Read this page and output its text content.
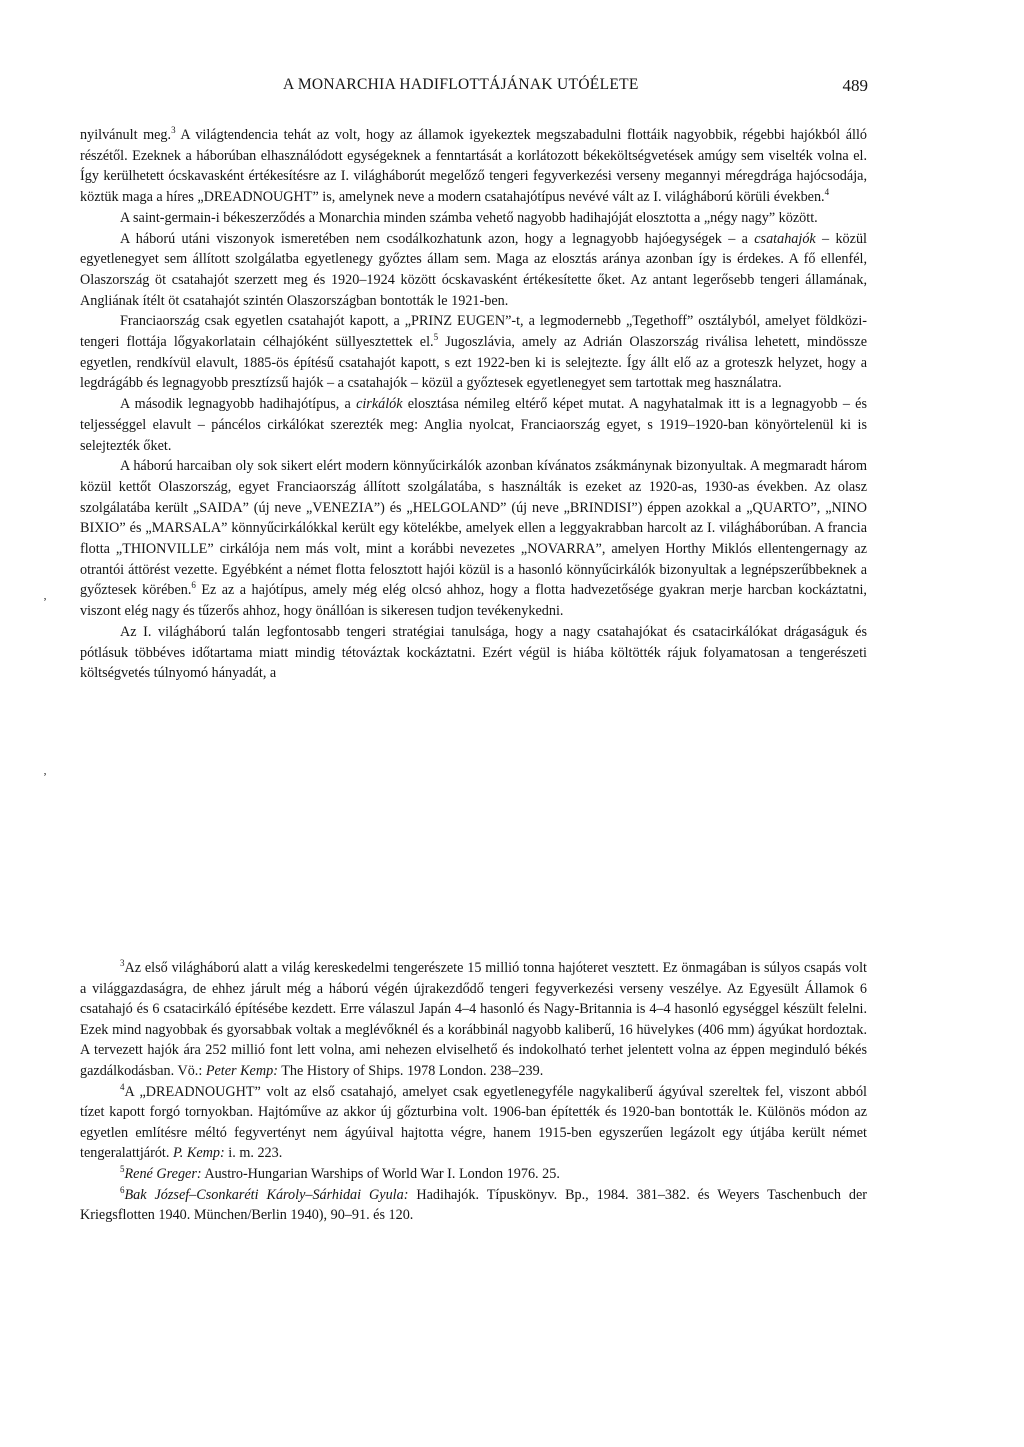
A MONARCHIA HADIFLOTTÁJÁNAK UTÓÉLETE	489

nyilvánult meg.$^3$ A világtendencia tehát az volt, hogy az államok igyekeztek megszabadulni flottáik nagyobbik, régebbi hajókból álló részétől. Ezeknek a háborúban elhasználódott egységeknek a fenntartását a korlátozott békeköltségvetések amúgy sem viselték volna el. Így kerülhetett ócskavasként értékesítésre az I. világháborút megelőző tengeri fegyverkezési verseny megannyi méregdrága hajócsodája, köztük maga a híres „DREADNOUGHT” is, amelynek neve a modern csatahajótípus nevévé vált az I. világháború körüli években.$^4$

A saint-germain-i békeszerződés a Monarchia minden számba vehető nagyobb hadihajóját elosztotta a „négy nagy” között.

A háború utáni viszonyok ismeretében nem csodálkozhatunk azon, hogy a legnagyobb hajóegységek – a csatahajók – közül egyetlenegyet sem állított szolgálatba egyetlenegy győztes állam sem. Maga az elosztás aránya azonban így is érdekes. A fő ellenfél, Olaszország öt csatahajót szerzett meg és 1920–1924 között ócskavasként értékesítette őket. Az antant legerősebb tengeri államának, Angliának ítélt öt csatahajót szintén Olaszországban bontották le 1921-ben.

Franciaország csak egyetlen csatahajót kapott, a „PRINZ EUGEN”-t, a legmodernebb „Tegethoff” osztályból, amelyet földközi-tengeri flottája lőgyakorlatain célhajóként süllyesztettek el.$^5$ Jugoszlávia, amely az Adrián Olaszország riválisa lehetett, mindössze egyetlen, rendkívül elavult, 1885-ös építésű csatahajót kapott, s ezt 1922-ben ki is selejtezte. Így állt elő az a groteszk helyzet, hogy a legdrágább és legnagyobb presztízsű hajók – a csatahajók – közül a győztesek egyetlenegyet sem tartottak meg használatra.

A második legnagyobb hadihajótípus, a cirkálók elosztása némileg eltérő képet mutat. A nagyhatalmak itt is a legnagyobb – és teljességgel elavult – páncélos cirkálókat szerezték meg: Anglia nyolcat, Franciaország egyet, s 1919–1920-ban könyörtelenül ki is selejtezték őket.

A háború harcaiban oly sok sikert elért modern könnyűcirkálók azonban kívánatos zsákmánynak bizonyultak. A megmaradt három közül kettőt Olaszország, egyet Franciaország állított szolgálatába, s használták is ezeket az 1920-as, 1930-as években. Az olasz szolgálatába került „SAIDA” (új neve „VENEZIA”) és „HELGOLAND” (új neve „BRINDISI”) éppen azokkal a „QUARTO”, „NINO BIXIO” és „MARSALA” könnyűcirkálókkal került egy kötelékbe, amelyek ellen a leggyakrabban harcolt az I. világháborúban. A francia flotta „THIONVILLE” cirkálója nem más volt, mint a korábbi nevezetes „NOVARRA”, amelyen Horthy Miklós ellentengernagy az otrantói áttörést vezette. Egyébként a német flotta felosztott hajói közül is a hasonló könnyűcirkálók bizonyultak a legnépszerűbbeknek a győztesek körében.$^6$ Ez az a hajótípus, amely még elég olcsó ahhoz, hogy a flotta hadvezetősége gyakran merje harcban kockáztatni, viszont elég nagy és tűzerős ahhoz, hogy önállóan is sikeresen tudjon tevékenykedni.

Az I. világháború talán legfontosabb tengeri stratégiai tanulsága, hogy a nagy csatahajókat és csatacirkálókat drágaságuk és pótlásuk többéves időtartama miatt mindig tétováztak kockáztatni. Ezért végül is hiába költötték rájuk folyamatosan a tengerészeti költségvetés túlnyomó hányadát, a

$^3$Az első világháború alatt a világ kereskedelmi tengerészete 15 millió tonna hajóteret vesztett. Ez önmagában is súlyos csapás volt a világgazdaságra, de ehhez járult még a háború végén újrakezdődő tengeri fegyverkezési verseny veszélye. Az Egyesült Államok 6 csatahajó és 6 csatacirkáló építésébe kezdett. Erre válaszul Japán 4–4 hasonló és Nagy-Britannia is 4–4 hasonló egységgel készült felelni. Ezek mind nagyobbak és gyorsabbak voltak a meglévőknél és a korábbinál nagyobb kaliberű, 16 hüvelykes (406 mm) ágyúkat hordoztak. A tervezett hajók ára 252 millió font lett volna, ami nehezen elviselhető és indokolható terhet jelentett volna az éppen meginduló békés gazdálkodásban. Vö.: Peter Kemp: The History of Ships. 1978 London. 238–239.

$^4$A „DREADNOUGHT” volt az első csatahajó, amelyet csak egyetlenegyféle nagykaliberű ágyúval szereltek fel, viszont abból tízet kapott forgó tornyokban. Hajtóműve az akkor új gőzturbina volt. 1906-ban építették és 1920-ban bontották le. Különös módon az egyetlen említésre méltó fegyvertényt nem ágyúival hajtotta végre, hanem 1915-ben egyszerűen legázolt egy útjába került német tengeralattjárót. P. Kemp: i. m. 223.

$^5$René Greger: Austro-Hungarian Warships of World War I. London 1976. 25.

$^6$Bak József–Csonkaréti Károly–Sárhidai Gyula: Hadihajók. Típuskönyv. Bp., 1984. 381–382. és Weyers Taschenbuch der Kriegsflotten 1940. München/Berlin 1940), 90–91. és 120.

‚
‚
